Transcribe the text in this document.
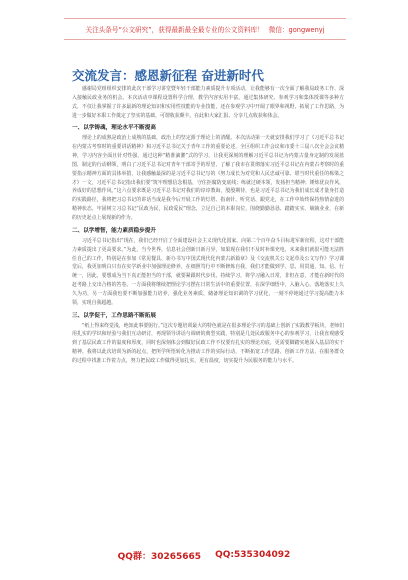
关注头条号“公文研究”，获得最新最全最专业的公文资料库！ 微信：gongwenyj
交流发言：感恩新征程 奋进新时代

感谢局党组组织安排的此次干部学习讲堂暨年轻干部能力素质提升专项活动，让我能够有一次全面了解我局政务工作、深入接触民政业务的机会。本次活动中课程设置科学合理，教学内容实用丰富，通过集体研究、参观学习和集体授课等多种方式，不仅让我掌握了许多最新的理论知识和实用性技能的专业技能，还在参观学习中开阔了眼界和视野，拓展了工作思路，为进一步做好本职工作奠定了坚实的基础，可谓收获颇丰。在此和大家汇报、分享几点收获和体会。

一、以学铸魂，理论水平不断提高

理论上的成熟是政治上成熟的基础，政治上的坚定源于理论上的清醒。本次活动第一天就安排我们学习了《习近平总书记在内蒙古考察时的重要讲话精神》和习近平总书记关于青年工作的重要论述，全区组织工作会议和市委十三届八次全会会议精神，学习内容全面且针对性强，通过这种“精准滴灌”式的学习，让我更深刻的理解习近平总书记为内蒙古量身定制的发展蓝图，制定的行动纲领，明白了习近平总书记对青年干部寄予的厚望，了解了我市在贯彻落实习近平总书记在内蒙古考察时的重要指示精神方面的具体举措，让我感触最深的是习近平总书记写的《努力成长为对党和人民忠诚可靠、堪当时代重任的栋梁之才》一文，习近平总书记指出我们要“筑牢理想信念根基，守住拒腐防变底线；练就过硬本领，发扬担当精神；锤炼优良作风，养成好的思想作风。”这六点要求既是习近平总书记对我们的谆谆教诲，殷殷期待，也是习近平总书记为我们成长成才量身打造的实践路径，我将把习总书记的讲话当成是我今后开展工作的灯塔、指南针、听党话、跟党走，在工作中始终保持热情奋进的精神状态，牢固树立习总书记“民政为民，民政爱民”理念，立足自己的本职岗位，围绕勤勤恳恳、踏踏实实、兢兢业业，在新的历史起点上展现新的作为。

二、以学增智，能力素质稳步提升

习近平总书记指出“现在，我们已经开启了全面建设社会主义现代化国家，向第二个百年奋斗目标进军新征程，这对干部能力素质提出了更高要求。”为此，当今世界，信息社会创新日新月异，如果现在我们不及时补课充电，未来我们就很可能无法胜任自己的工作，特别是在参加《常见餐具、新办书写中国式现代化内蒙古新篇章》及《交流机关公文起草及公文写作》学习课堂后，我更加明白只有在实学新业中加强理论修养，在细照笃行中不断修炼自我，我们才能做到学、思、用贯通，知、信、行统一，因此，要想成为当下真正能担当的干部，就要紧跟时代步伐，持续学习，将学习融入日常，非但在意，才能在新时代的赶考路上交出合格的答卷。一方面我将继续把理论学习摆在日常生活中的重要位置，在深学细悟中，入脑入心、落地落实上久久为功，另一方面我也要不断加强能力培养，强化业务素质、储备理论知识调的学习优化，一刻不停地通过学习提高能力本领，实现自我超越。

三、以学促干，工作思路不断拓展

“纸上得来终觉浅，绝知此事要躬行。”这次专题培训最大的特色就是在很多理论学习的基础上创新了实践教学板块，老师们用扎实的学识和经验与我们互动研讨，再现领导讲话与调研的典型实践，特别是几处民政服务中心的参观学习，让我直观感受到了基层民政工作的温度和厚度，同时也深刻体会到做好民政工作不仅要有扎实的理论功底，更需要脚踏实地深入基层的实干精神。我将以此次培训为新的起点，把所学所悟转化为推动工作的实际行动，不断拓宽工作思路、创新工作方法，在服务群众的过程中找准工作着力点，努力把民政工作做得更加扎实、更有温度，切实提升为民服务的能力与水平。

QQ群：30265665 QQ:535304092
